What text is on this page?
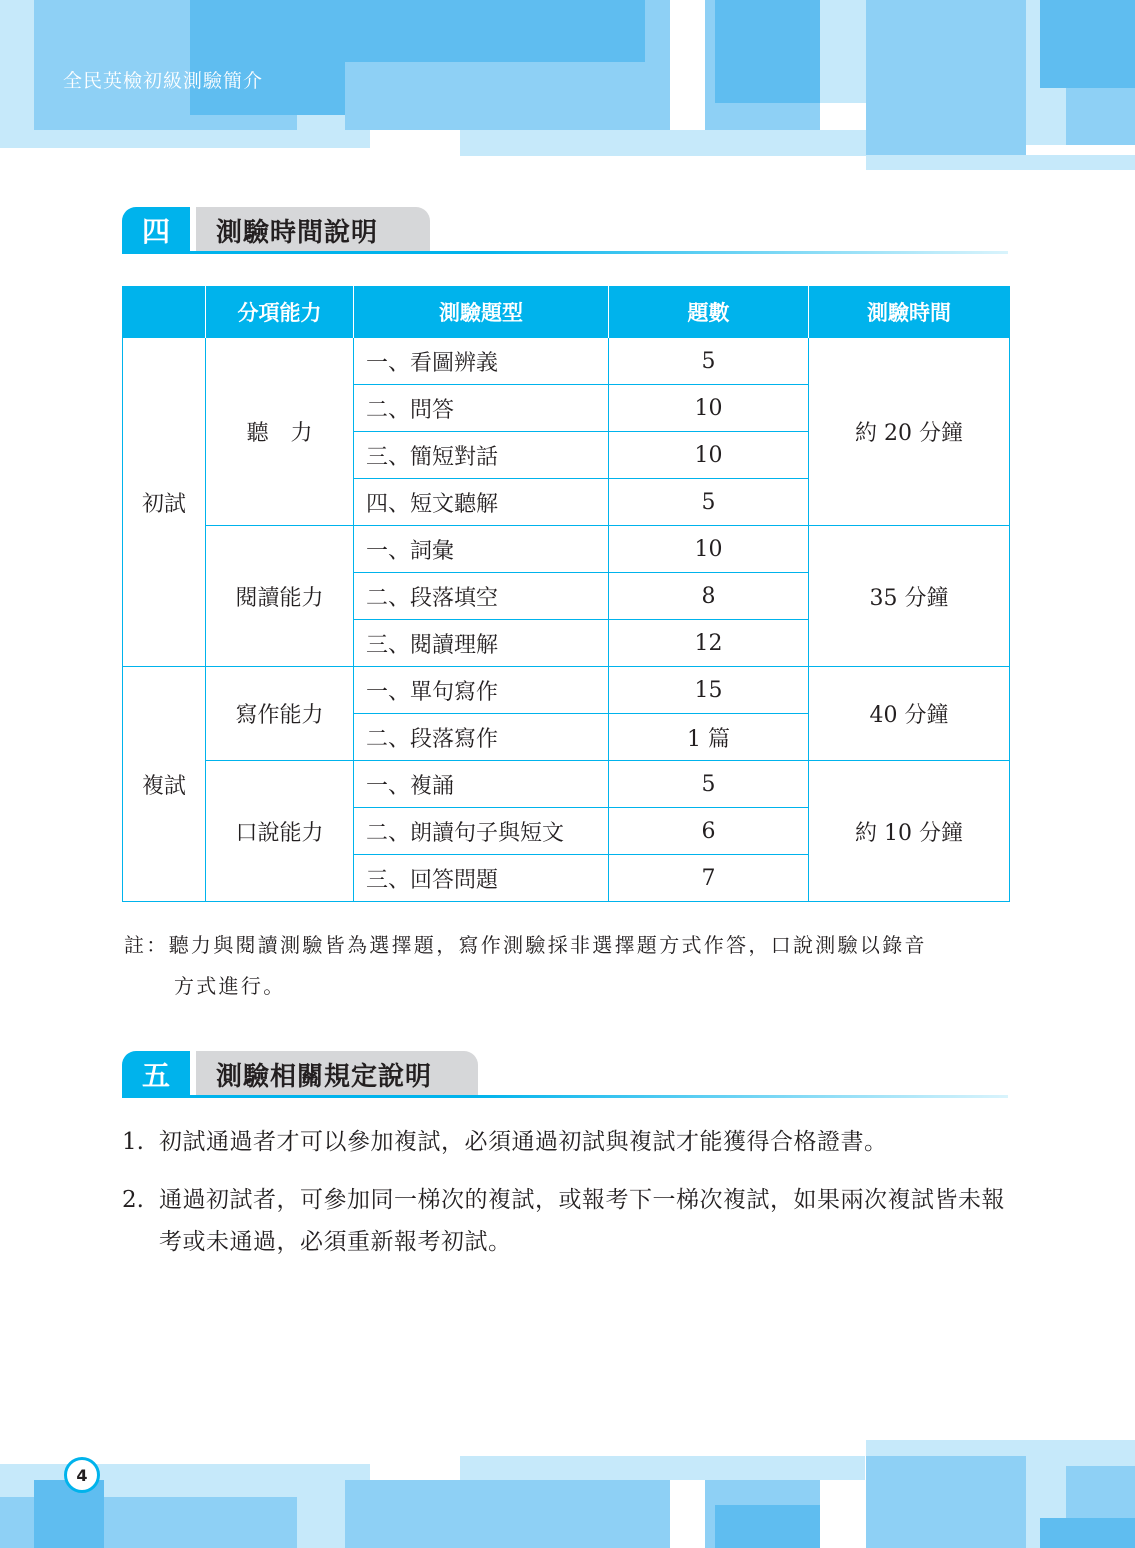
全民英檢初級測驗簡介
四	測驗時間說明
	分項能力	測驗題型	題數	測驗時間
初試	聽　力	一、看圖辨義	5	約 20 分鐘
		二、問答	10	
		三、簡短對話	10	
		四、短文聽解	5	
	閱讀能力	一、詞彙	10	35 分鐘
		二、段落填空	8	
		三、閱讀理解	12	
複試	寫作能力	一、單句寫作	15	40 分鐘
		二、段落寫作	1 篇	
	口說能力	一、複誦	5	約 10 分鐘
		二、朗讀句子與短文	6	
		三、回答問題	7	
註：聽力與閱讀測驗皆為選擇題，寫作測驗採非選擇題方式作答，口說測驗以錄音
方式進行。
五	測驗相關規定說明
1. 初試通過者才可以參加複試，必須通過初試與複試才能獲得合格證書。
2. 通過初試者，可參加同一梯次的複試，或報考下一梯次複試，如果兩次複試皆未報考或未通過，必須重新報考初試。
4
